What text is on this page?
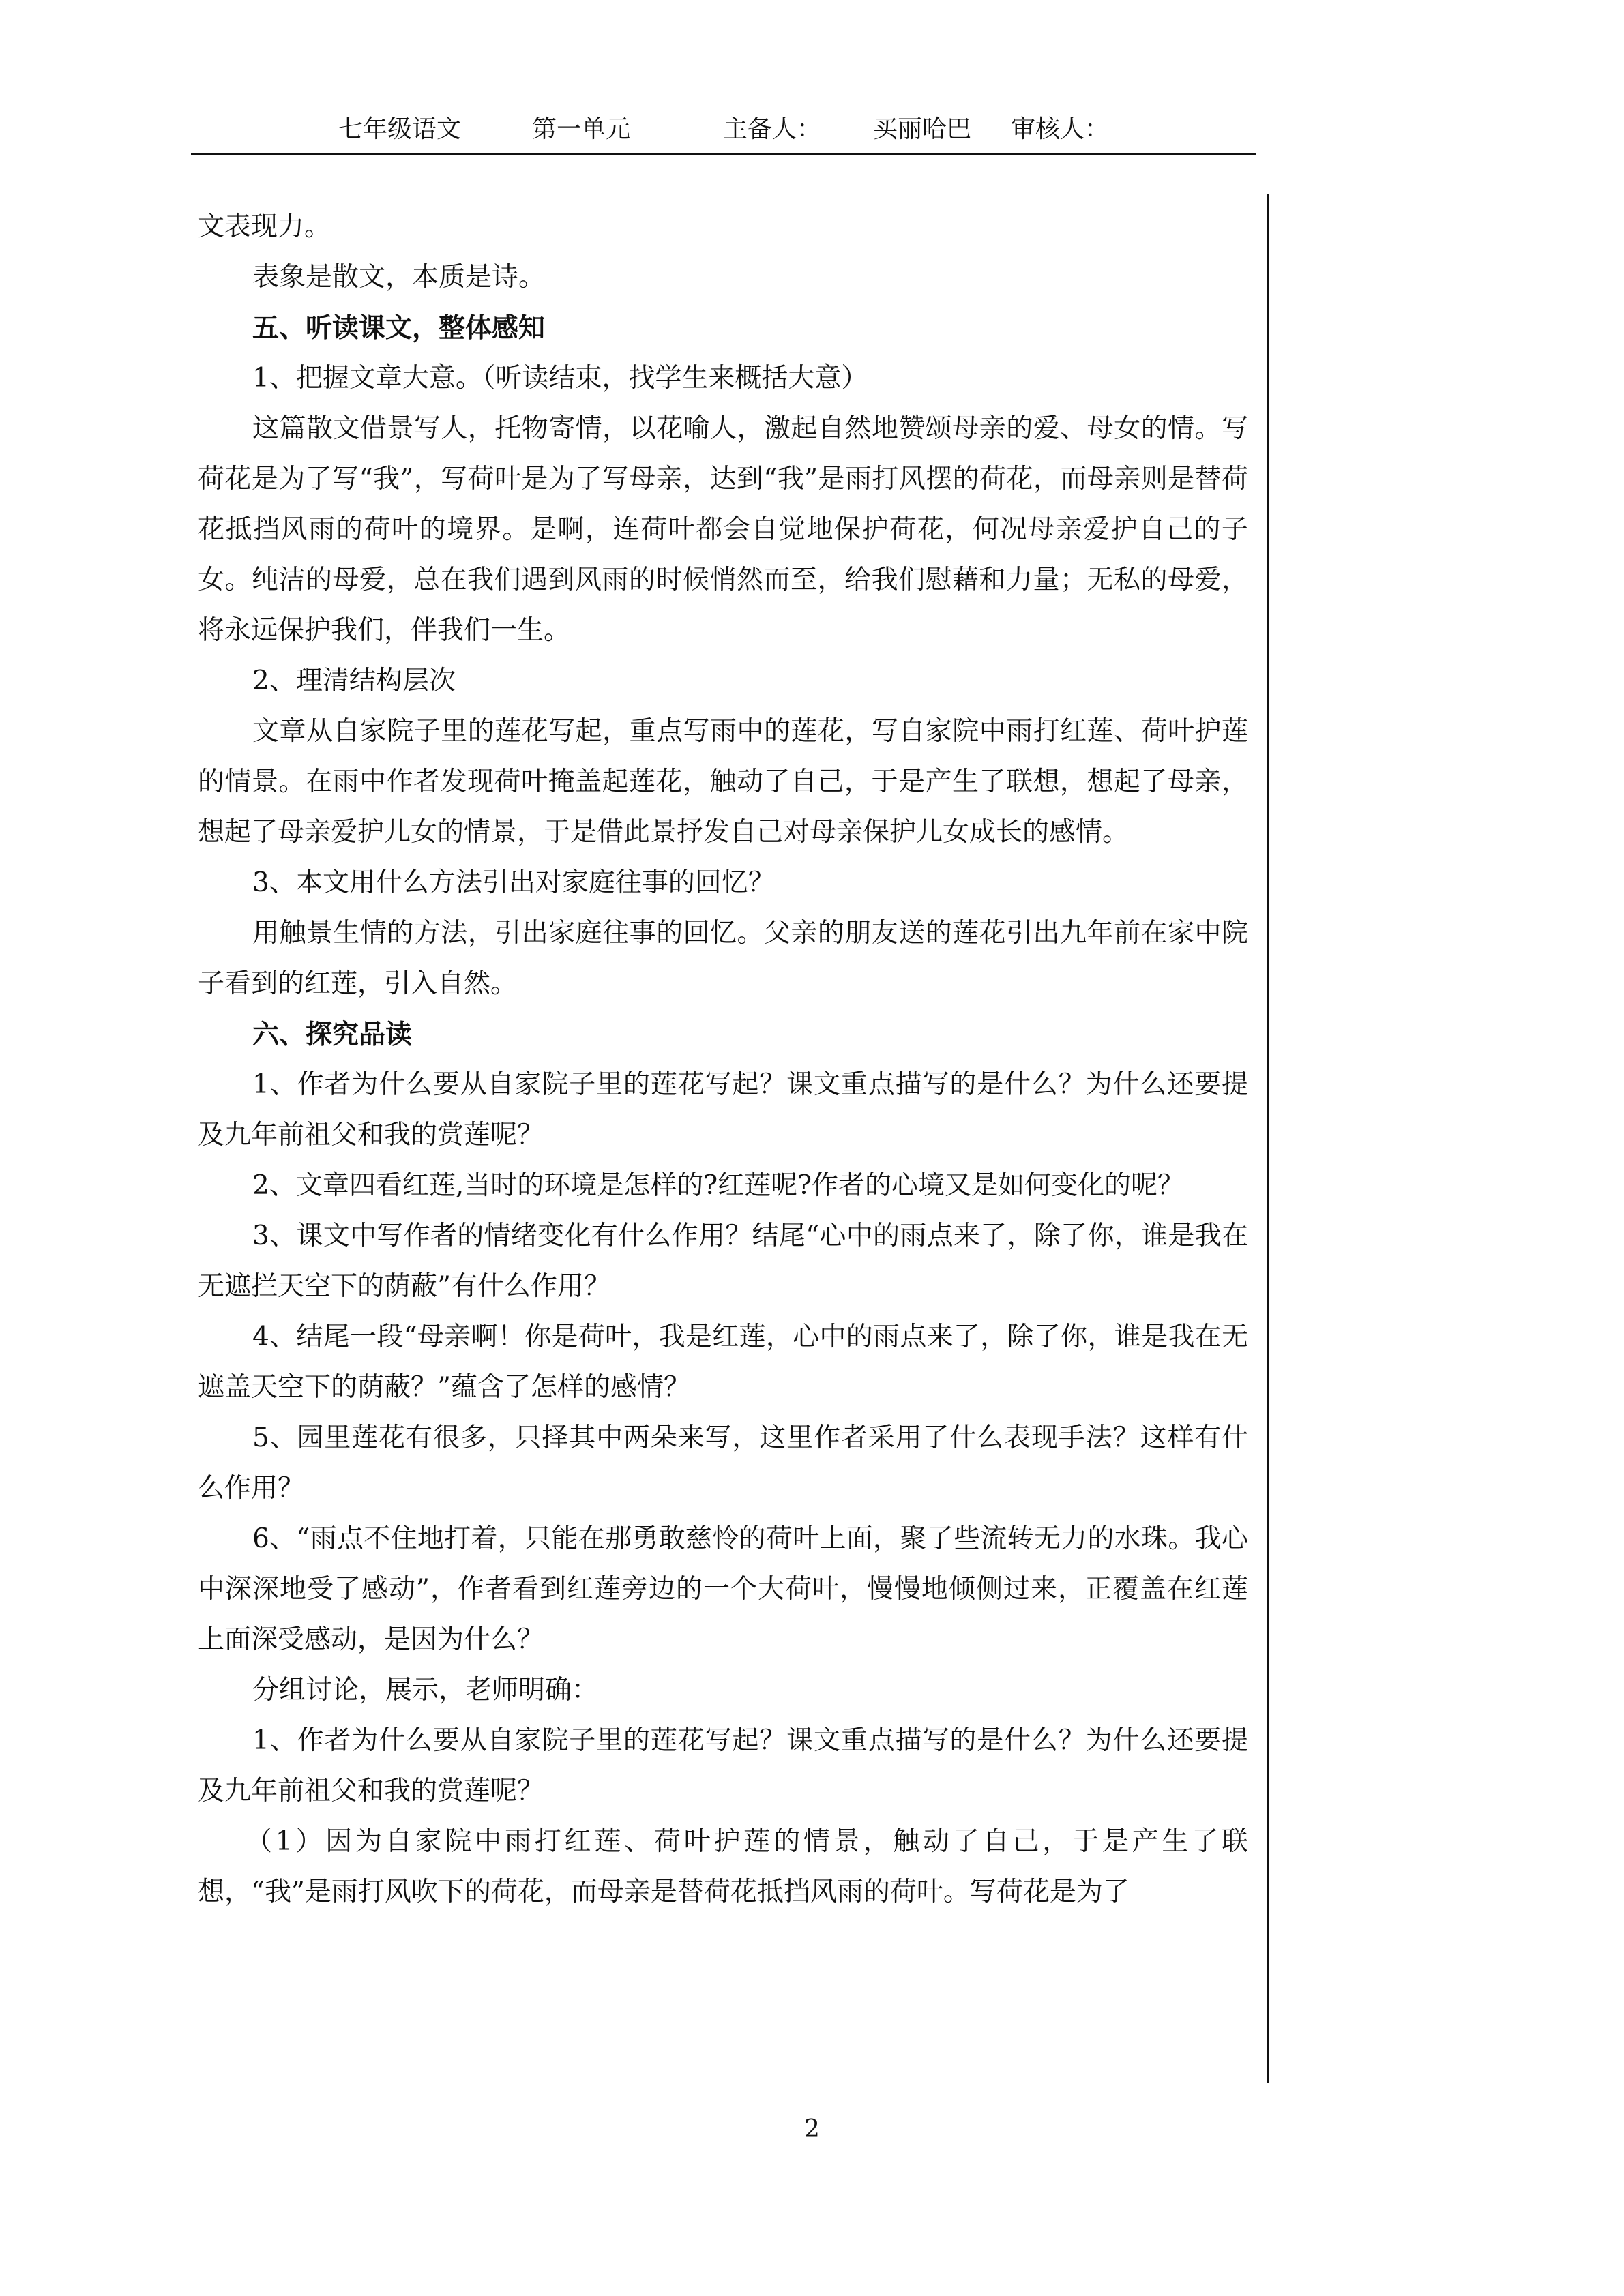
七年级语文	第一单元	主备人： 买丽哈巴 审核人：

文表现力。

表象是散文，本质是诗。

五、听读课文，整体感知

1、把握文章大意。（听读结束，找学生来概括大意）

这篇散文借景写人，托物寄情，以花喻人，激起自然地赞颂母亲的爱、母女的情。写荷花是为了写“我”，写荷叶是为了写母亲，达到“我”是雨打风摆的荷花，而母亲则是替荷花抵挡风雨的荷叶的境界。是啊，连荷叶都会自觉地保护荷花，何况母亲爱护自己的子女。纯洁的母爱，总在我们遇到风雨的时候悄然而至，给我们慰藉和力量；无私的母爱，将永远保护我们，伴我们一生。

2、理清结构层次

文章从自家院子里的莲花写起，重点写雨中的莲花，写自家院中雨打红莲、荷叶护莲的情景。在雨中作者发现荷叶掩盖起莲花，触动了自己，于是产生了联想，想起了母亲，想起了母亲爱护儿女的情景，于是借此景抒发自己对母亲保护儿女成长的感情。

3、本文用什么方法引出对家庭往事的回忆？

用触景生情的方法，引出家庭往事的回忆。父亲的朋友送的莲花引出九年前在家中院子看到的红莲，引入自然。

六、探究品读

1、作者为什么要从自家院子里的莲花写起？课文重点描写的是什么？为什么还要提及九年前祖父和我的赏莲呢？

2、文章四看红莲,当时的环境是怎样的?红莲呢?作者的心境又是如何变化的呢？

3、课文中写作者的情绪变化有什么作用？结尾“心中的雨点来了，除了你，谁是我在无遮拦天空下的荫蔽”有什么作用？

4、结尾一段“母亲啊！你是荷叶，我是红莲，心中的雨点来了，除了你，谁是我在无遮盖天空下的荫蔽？”蕴含了怎样的感情？

5、园里莲花有很多，只择其中两朵来写，这里作者采用了什么表现手法？这样有什么作用？

6、“雨点不住地打着，只能在那勇敢慈怜的荷叶上面，聚了些流转无力的水珠。我心中深深地受了感动”，作者看到红莲旁边的一个大荷叶，慢慢地倾侧过来，正覆盖在红莲上面深受感动，是因为什么？

分组讨论，展示，老师明确：

1、作者为什么要从自家院子里的莲花写起？课文重点描写的是什么？为什么还要提及九年前祖父和我的赏莲呢？

（1）因为自家院中雨打红莲、荷叶护莲的情景，触动了自己，于是产生了联想，“我”是雨打风吹下的荷花，而母亲是替荷花抵挡风雨的荷叶。写荷花是为了

2
